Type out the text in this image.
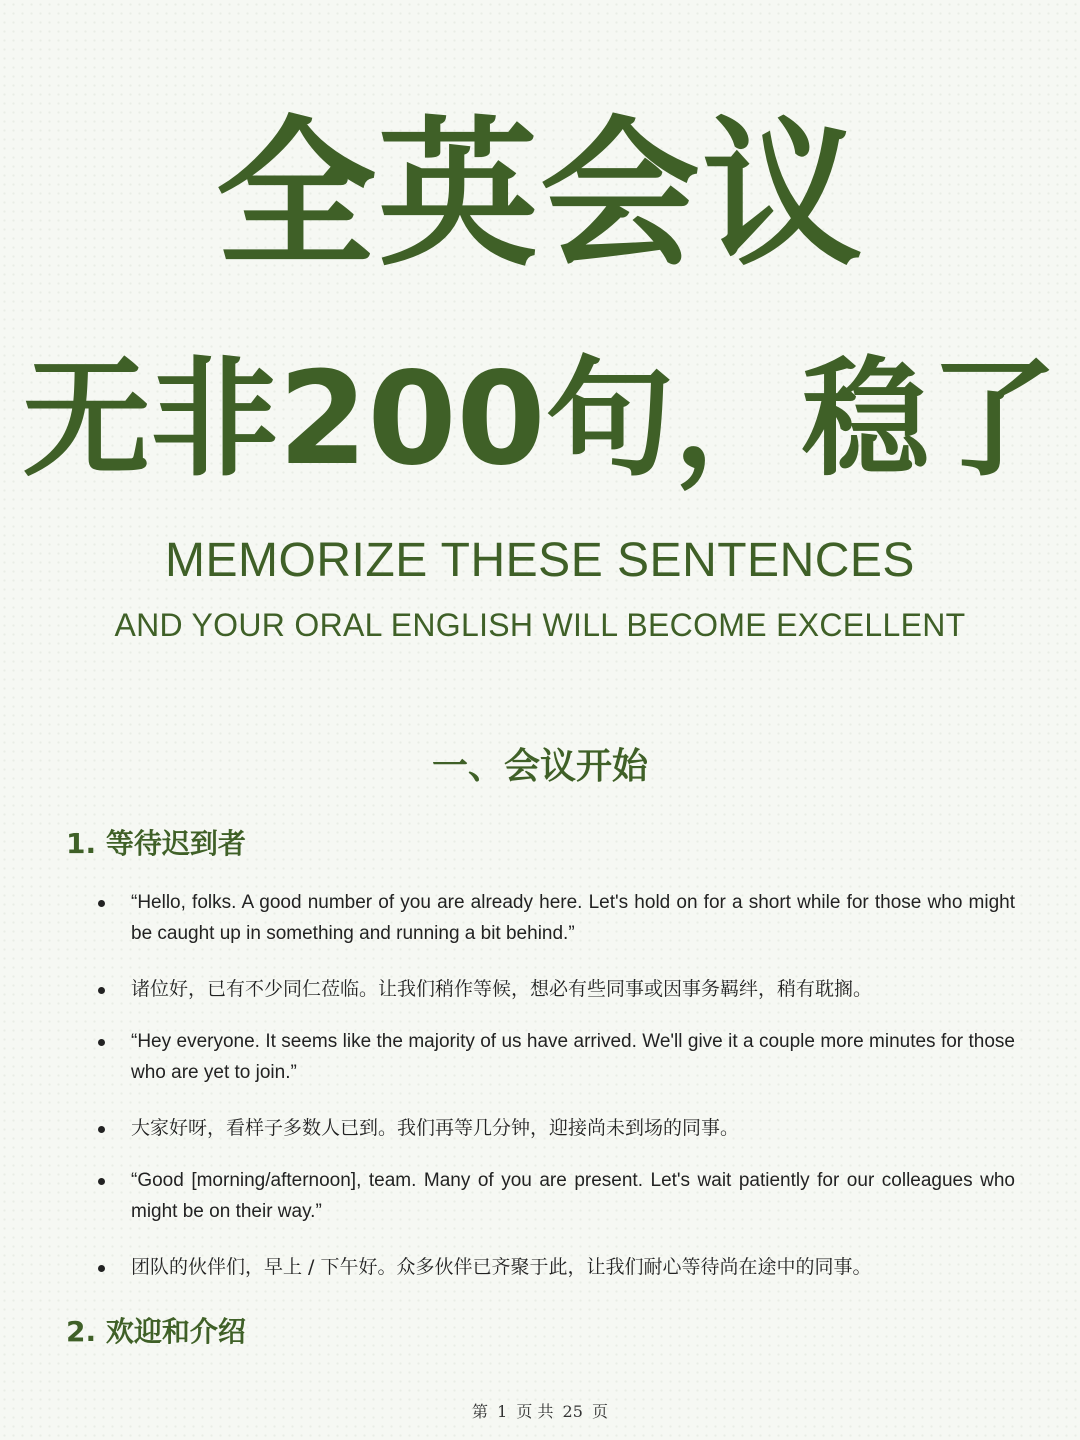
全英会议
无非200句，稳了
MEMORIZE THESE SENTENCES
AND YOUR ORAL ENGLISH WILL BECOME EXCELLENT
一、会议开始
1. 等待迟到者
“Hello, folks. A good number of you are already here. Let's hold on for a short while for those who might be caught up in something and running a bit behind.”
诸位好，已有不少同仁莅临。让我们稍作等候，想必有些同事或因事务羁绊，稍有耽搁。
“Hey everyone. It seems like the majority of us have arrived. We'll give it a couple more minutes for those who are yet to join.”
大家好呀，看样子多数人已到。我们再等几分钟，迎接尚未到场的同事。
“Good [morning/afternoon], team. Many of you are present. Let's wait patiently for our colleagues who might be on their way.”
团队的伙伴们，早上 / 下午好。众多伙伴已齐聚于此，让我们耐心等待尚在途中的同事。
2. 欢迎和介绍
第 1 页 共 25 页
